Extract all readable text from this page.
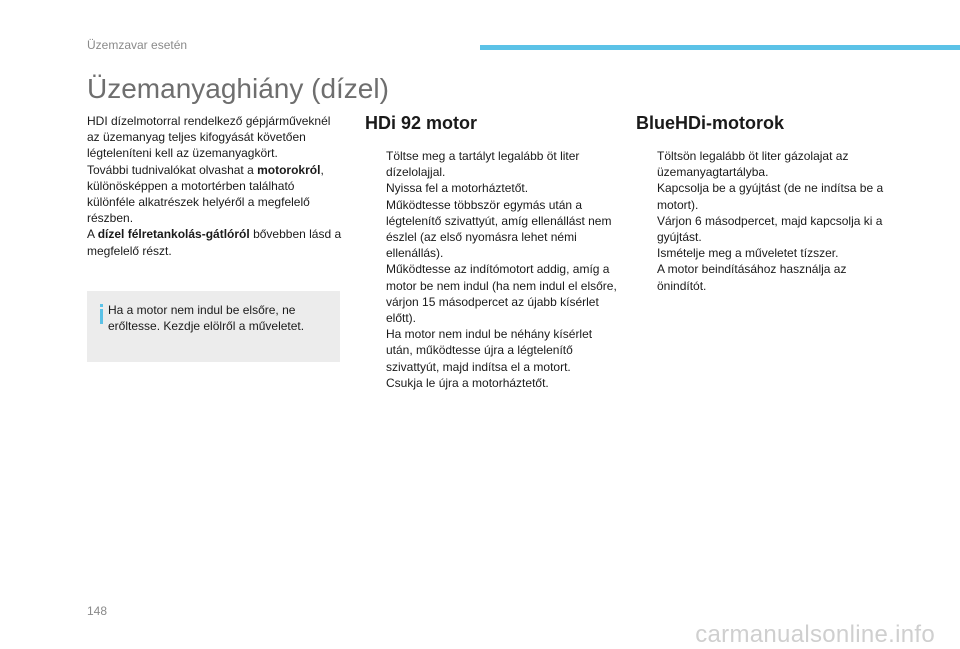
Üzemzavar esetén
Üzemanyaghiány (dízel)

HDI dízelmotorral rendelkező gépjárműveknél az üzemanyag teljes kifogyását követően légteleníteni kell az üzemanyagkört.

További tudnivalókat olvashat a motorokról, különösképpen a motortérben található különféle alkatrészek helyéről a megfelelő részben.

A dízel félretankolás-gátlóról bővebben lásd a megfelelő részt.

Ha a motor nem indul be elsőre, ne erőltesse. Kezdje elölről a műveletet.
HDi 92 motor
Töltse meg a tartályt legalább öt liter dízelolajjal.
Nyissa fel a motorháztetőt.
Működtesse többször egymás után a légtelenítő szivattyút, amíg ellenállást nem észlel (az első nyomásra lehet némi ellenállás).
Működtesse az indítómotort addig, amíg a motor be nem indul (ha nem indul el elsőre, várjon 15 másodpercet az újabb kísérlet előtt).
Ha motor nem indul be néhány kísérlet után, működtesse újra a légtelenítő szivattyút, majd indítsa el a motort.
Csukja le újra a motorháztetőt.
BlueHDi-motorok
Töltsön legalább öt liter gázolajat az üzemanyagtartályba.
Kapcsolja be a gyújtást (de ne indítsa be a motort).
Várjon 6 másodpercet, majd kapcsolja ki a gyújtást.
Ismételje meg a műveletet tízszer.
A motor beindításához használja az önindítót.
148
carmanualsonline.info
